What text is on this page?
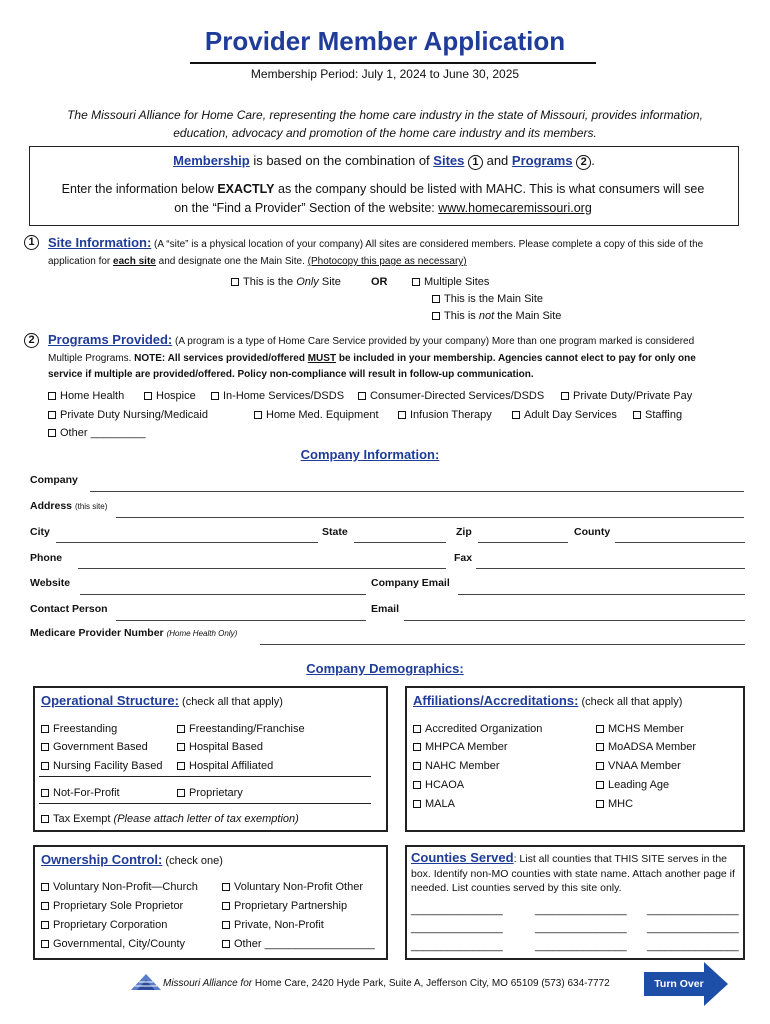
Provider Member Application
Membership Period: July 1, 2024 to June 30, 2025
The Missouri Alliance for Home Care, representing the home care industry in the state of Missouri, provides information, education, advocacy and promotion of the home care industry and its members.
Membership is based on the combination of Sites 1 and Programs 2 .
Enter the information below EXACTLY as the company should be listed with MAHC. This is what consumers will see on the “Find a Provider” Section of the website: www.homecaremissouri.org
1	Site Information: (A “site” is a physical location of your company) All sites are considered members. Please complete a copy of this side of the application for each site and designate one the Main Site. (Photocopy this page as necessary)
This is the Only Site	OR	Multiple Sites
This is the Main Site
This is not the Main Site
2	Programs Provided: (A program is a type of Home Care Service provided by your company) More than one program marked is considered Multiple Programs. NOTE: All services provided/offered MUST be included in your membership. Agencies cannot elect to pay for only one service if multiple are provided/offered. Policy non-compliance will result in follow-up communication.
Home Health	Hospice	In-Home Services/DSDS	Consumer-Directed Services/DSDS	Private Duty/Private Pay
Private Duty Nursing/Medicaid	Home Med. Equipment	Infusion Therapy	Adult Day Services	Staffing
Other _________
Company Information:
Company
Address (this site)
City	State	Zip	County
Phone	Fax
Website	Company Email
Contact Person	Email
Medicare Provider Number (Home Health Only)
Company Demographics:
Operational Structure: (check all that apply)
Freestanding
Government Based
Nursing Facility Based
Freestanding/Franchise
Hospital Based
Hospital Affiliated
Not-For-Profit	Proprietary
Tax Exempt (Please attach letter of tax exemption)
Affiliations/Accreditations: (check all that apply)
Accredited Organization
MHPCA Member
NAHC Member
HCAOA
MALA
MCHS Member
MoADSA Member
VNAA Member
Leading Age
MHC
Ownership Control: (check one)
Voluntary Non-Profit—Church
Proprietary Sole Proprietor
Proprietary Corporation
Governmental, City/County
Voluntary Non-Profit Other
Proprietary Partnership
Private, Non-Profit
Other __________________
Counties Served: List all counties that THIS SITE serves in the box. Identify non-MO counties with state name. Attach another page if needed. List counties served by this site only.
_______________	_______________ _______________
_______________	_______________ _______________
_______________	_______________ _______________
Missouri Alliance for Home Care, 2420 Hyde Park, Suite A, Jefferson City, MO 65109 (573) 634-7772	Turn Over
